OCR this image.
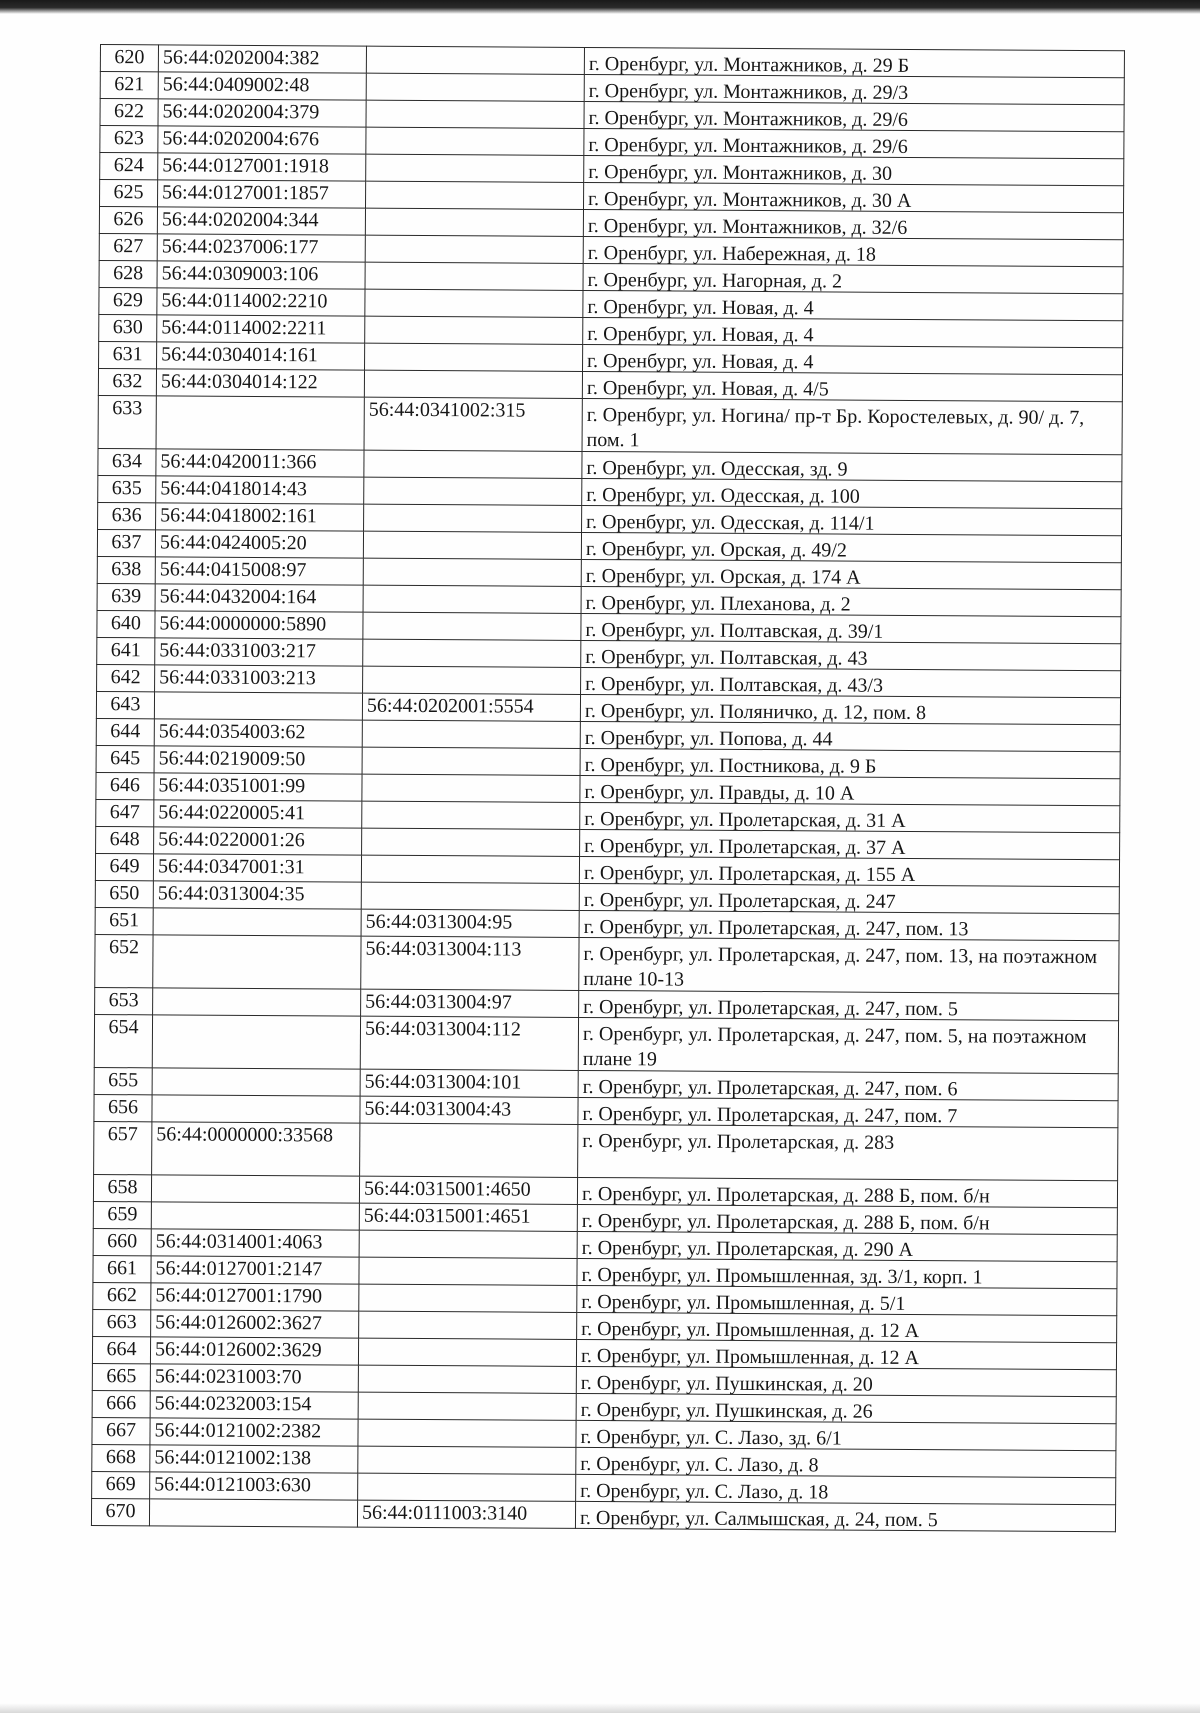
620	56:44:0202004:382		г. Оренбург, ул. Монтажников, д. 29 Б

621	56:44:0409002:48		г. Оренбург, ул. Монтажников, д. 29/3

622	56:44:0202004:379		г. Оренбург, ул. Монтажников, д. 29/6

623	56:44:0202004:676		г. Оренбург, ул. Монтажников, д. 29/6

624	56:44:0127001:1918		г. Оренбург, ул. Монтажников, д. 30

625	56:44:0127001:1857		г. Оренбург, ул. Монтажников, д. 30 А

626	56:44:0202004:344		г. Оренбург, ул. Монтажников, д. 32/6

627	56:44:0237006:177		г. Оренбург, ул. Набережная, д. 18

628	56:44:0309003:106		г. Оренбург, ул. Нагорная, д. 2

629	56:44:0114002:2210		г. Оренбург, ул. Новая, д. 4

630	56:44:0114002:2211		г. Оренбург, ул. Новая, д. 4

631	56:44:0304014:161		г. Оренбург, ул. Новая, д. 4

632	56:44:0304014:122		г. Оренбург, ул. Новая, д. 4/5

633		56:44:0341002:315	г. Оренбург, ул. Ногина/ пр-т Бр. Коростелевых, д. 90/ д. 7, пом. 1

634	56:44:0420011:366		г. Оренбург, ул. Одесская, зд. 9

635	56:44:0418014:43		г. Оренбург, ул. Одесская, д. 100

636	56:44:0418002:161		г. Оренбург, ул. Одесская, д. 114/1

637	56:44:0424005:20		г. Оренбург, ул. Орская, д. 49/2

638	56:44:0415008:97		г. Оренбург, ул. Орская, д. 174 А

639	56:44:0432004:164		г. Оренбург, ул. Плеханова, д. 2

640	56:44:0000000:5890		г. Оренбург, ул. Полтавская, д. 39/1

641	56:44:0331003:217		г. Оренбург, ул. Полтавская, д. 43

642	56:44:0331003:213		г. Оренбург, ул. Полтавская, д. 43/3

643		56:44:0202001:5554	г. Оренбург, ул. Поляничко, д. 12, пом. 8

644	56:44:0354003:62		г. Оренбург, ул. Попова, д. 44

645	56:44:0219009:50		г. Оренбург, ул. Постникова, д. 9 Б

646	56:44:0351001:99		г. Оренбург, ул. Правды, д. 10 А

647	56:44:0220005:41		г. Оренбург, ул. Пролетарская, д. 31 А

648	56:44:0220001:26		г. Оренбург, ул. Пролетарская, д. 37 А

649	56:44:0347001:31		г. Оренбург, ул. Пролетарская, д. 155 А

650	56:44:0313004:35		г. Оренбург, ул. Пролетарская, д. 247

651		56:44:0313004:95	г. Оренбург, ул. Пролетарская, д. 247, пом. 13

652		56:44:0313004:113	г. Оренбург, ул. Пролетарская, д. 247, пом. 13, на поэтажном плане 10-13

653		56:44:0313004:97	г. Оренбург, ул. Пролетарская, д. 247, пом. 5

654		56:44:0313004:112	г. Оренбург, ул. Пролетарская, д. 247, пом. 5, на поэтажном плане 19

655		56:44:0313004:101	г. Оренбург, ул. Пролетарская, д. 247, пом. 6

656		56:44:0313004:43	г. Оренбург, ул. Пролетарская, д. 247, пом. 7

657	56:44:0000000:33568		г. Оренбург, ул. Пролетарская, д. 283

658		56:44:0315001:4650	г. Оренбург, ул. Пролетарская, д. 288 Б, пом. б/н

659		56:44:0315001:4651	г. Оренбург, ул. Пролетарская, д. 288 Б, пом. б/н

660	56:44:0314001:4063		г. Оренбург, ул. Пролетарская, д. 290 А

661	56:44:0127001:2147		г. Оренбург, ул. Промышленная, зд. 3/1, корп. 1

662	56:44:0127001:1790		г. Оренбург, ул. Промышленная, д. 5/1

663	56:44:0126002:3627		г. Оренбург, ул. Промышленная, д. 12 А

664	56:44:0126002:3629		г. Оренбург, ул. Промышленная, д. 12 А

665	56:44:0231003:70		г. Оренбург, ул. Пушкинская, д. 20

666	56:44:0232003:154		г. Оренбург, ул. Пушкинская, д. 26

667	56:44:0121002:2382		г. Оренбург, ул. С. Лазо, зд. 6/1

668	56:44:0121002:138		г. Оренбург, ул. С. Лазо, д. 8

669	56:44:0121003:630		г. Оренбург, ул. С. Лазо, д. 18

670		56:44:0111003:3140	г. Оренбург, ул. Салмышская, д. 24, пом. 5
